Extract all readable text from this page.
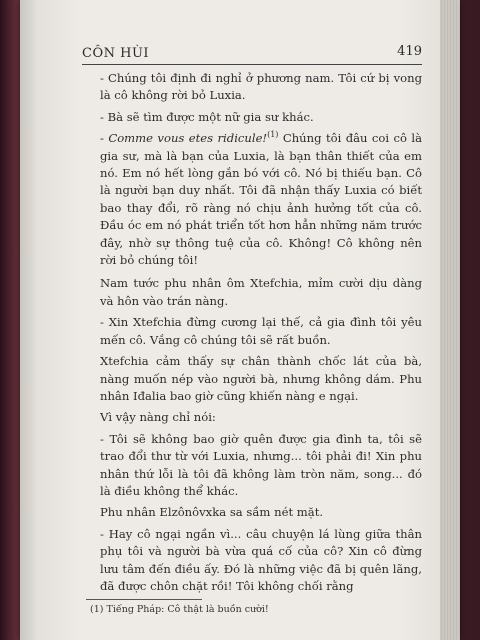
CÔN HÙI	419

- Chúng tôi định đi nghỉ ở phương nam. Tôi cứ bị vong là cô không rời bỏ Luxia.

- Bà sẽ tìm được một nữ gia sư khác.

- Comme vous etes ridicule!$^{(1)}$ Chúng tôi đâu coi cô là gia sư, mà là bạn của Luxia, là bạn thân thiết của em nó. Em nó hết lòng gắn bó với cô. Nó bị thiếu bạn. Cô là người bạn duy nhất. Tôi đã nhận thấy Luxia có biết bao thay đổi, rõ ràng nó chịu ảnh hưởng tốt của cô. Đầu óc em nó phát triển tốt hơn hẳn những năm trước đây, nhờ sự thông tuệ của cô. Không! Cô không nên rời bỏ chúng tôi!

Nam tước phu nhân ôm Xtefchia, mỉm cười dịu dàng và hôn vào trán nàng.

- Xin Xtefchia đừng cương lại thế, cả gia đình tôi yêu mến cô. Vắng cô chúng tôi sẽ rất buồn.

Xtefchia cảm thấy sự chân thành chốc lát của bà, nàng muốn nép vào người bà, nhưng không dám. Phu nhân Iđalia bao giờ cũng khiến nàng e ngại.

Vì vậy nàng chỉ nói:

- Tôi sẽ không bao giờ quên được gia đình ta, tôi sẽ trao đổi thư từ với Luxia, nhưng... tôi phải đi! Xin phu nhân thứ lỗi là tôi đã không làm tròn năm, song... đó là điều không thể khác.

Phu nhân Elzônôvxka sa sầm nét mặt.

- Hay cô ngại ngần vì... câu chuyện lá lùng giữa thân phụ tôi và người bà vừa quá cố của cô? Xin cô đừng lưu tâm đến điều ấy. Đó là những việc đã bị quên lãng, đã được chôn chặt rồi! Tôi không chối rằng

(1) Tiếng Pháp: Cô thật là buồn cười!
